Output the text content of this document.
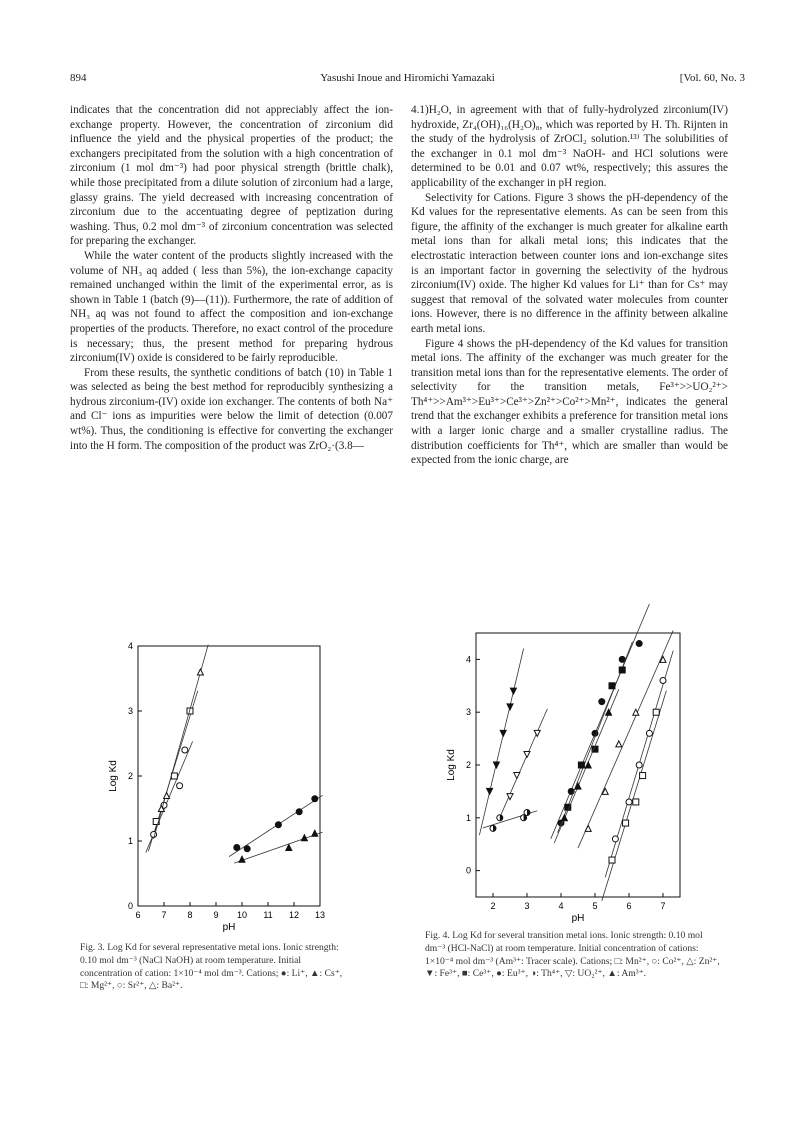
894	Yasushi Inoue and Hiromichi Yamazaki	[Vol. 60, No. 3

indicates that the concentration did not appreciably affect the ion-exchange property. However, the concentration of zirconium did influence the yield and the physical properties of the product; the exchangers precipitated from the solution with a high concentration of zirconium (1 mol dm⁻³) had poor physical strength (brittle chalk), while those precipitated from a dilute solution of zirconium had a large, glassy grains. The yield decreased with increasing concentration of zirconium due to the accentuating degree of peptization during washing. Thus, 0.2 mol dm⁻³ of zirconium concentration was selected for preparing the exchanger.

While the water content of the products slightly increased with the volume of NH₃ aq added ( less than 5%), the ion-exchange capacity remained unchanged within the limit of the experimental error, as is shown in Table 1 (batch (9)—(11)). Furthermore, the rate of addition of NH₃ aq was not found to affect the composition and ion-exchange properties of the products. Therefore, no exact control of the procedure is necessary; thus, the present method for preparing hydrous zirconium(IV) oxide is considered to be fairly reproducible.

From these results, the synthetic conditions of batch (10) in Table 1 was selected as being the best method for reproducibly synthesizing a hydrous zirconium-(IV) oxide ion exchanger. The contents of both Na⁺ and Cl⁻ ions as impurities were below the limit of detection (0.007 wt%). Thus, the conditioning is effective for converting the exchanger into the H form. The composition of the product was ZrO₂·(3.8—

4.1)H₂O, in agreement with that of fully-hydrolyzed zirconium(IV) hydroxide, Zr₄(OH)₁₆(H₂O)₈, which was reported by H. Th. Rijnten in the study of the hydrolysis of ZrOCl₂ solution.¹³⁾ The solubilities of the exchanger in 0.1 mol dm⁻³ NaOH- and HCl solutions were determined to be 0.01 and 0.07 wt%, respectively; this assures the applicability of the exchanger in pH region.

Selectivity for Cations. Figure 3 shows the pH-dependency of the Kd values for the representative elements. As can be seen from this figure, the affinity of the exchanger is much greater for alkaline earth metal ions than for alkali metal ions; this indicates that the electrostatic interaction between counter ions and ion-exchange sites is an important factor in governing the selectivity of the hydrous zirconium(IV) oxide. The higher Kd values for Li⁺ than for Cs⁺ may suggest that removal of the solvated water molecules from counter ions. However, there is no difference in the affinity between alkaline earth metal ions.

Figure 4 shows the pH-dependency of the Kd values for transition metal ions. The affinity of the exchanger was much greater for the transition metal ions than for the representative elements. The order of selectivity for the transition metals, Fe³⁺>>UO₂²⁺> Th⁴⁺>>Am³⁺>Eu³⁺>Ce³⁺>Zn²⁺>Co²⁺>Mn²⁺, indicates the general trend that the exchanger exhibits a preference for transition metal ions with a larger ionic charge and a smaller crystalline radius. The distribution coefficients for Th⁴⁺, which are smaller than would be expected from the ionic charge, are

6 7 8 9 10 11 12 13
0
1
2
3
4
pH
Log Kd
Fig. 3. Log Kd for several representative metal ions. Ionic strength: 0.10 mol dm⁻³ (NaCl NaOH) at room temperature. Initial concentration of cation: 1×10⁻⁴ mol dm⁻³. Cations; ●: Li⁺, ▲: Cs⁺, □: Mg²⁺, ○: Sr²⁺, △: Ba²⁺.
2	3	4	5	6	7
0
1
2
3
4
pH
Log Kd
Fig. 4. Log Kd for several transition metal ions. Ionic strength: 0.10 mol dm⁻³ (HCl-NaCl) at room temperature. Initial concentration of cations: 1×10⁻⁴ mol dm⁻³ (Am³⁺: Tracer scale). Cations; □: Mn²⁺, ○: Co²⁺, △: Zn²⁺, ▼: Fe³⁺, ■: Ce³⁺, ●: Eu³⁺, ◑: Th⁴⁺, ▽: UO₂²⁺, ▲: Am³⁺.
